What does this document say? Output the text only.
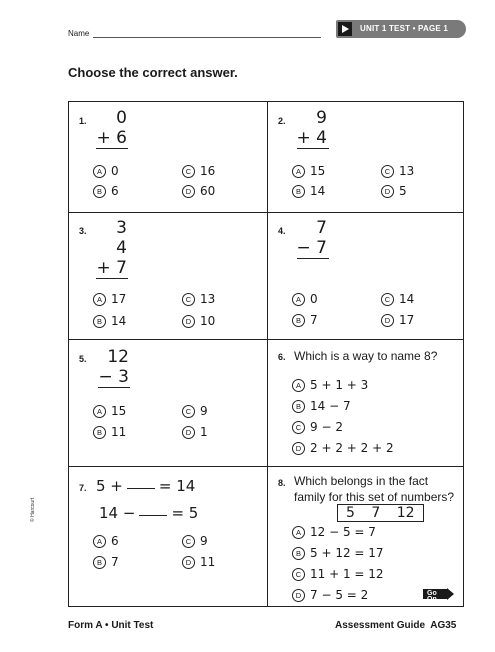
Name
UNIT 1 TEST • PAGE 1
Choose the correct answer.
1.	0
+ 6
A 0	C 16
B 6	D 60
2.	9
+ 4
A 15	C 13
B 14	D 5
3.	3
4
+ 7
A 17	C 13
B 14	D 10
4.	7
− 7
A 0	C 14
B 7	D 17
5.	12
− 3
A 15	C 9
B 11	D 1
6. Which is a way to name 8?
A 5 + 1 + 3
B 14 − 7
C 9 − 2
D 2 + 2 + 2 + 2
7. 5 + = 14
14 − = 5
A 6	C 9
B 7	D 11
8. Which belongs in the fact
family for this set of numbers?
5 7 12
A 12 − 5 = 7
B 5 + 12 = 17
C 11 + 1 = 12
D 7 − 5 = 2	Go On
© Harcourt
Form A • Unit Test	Assessment Guide  AG35
